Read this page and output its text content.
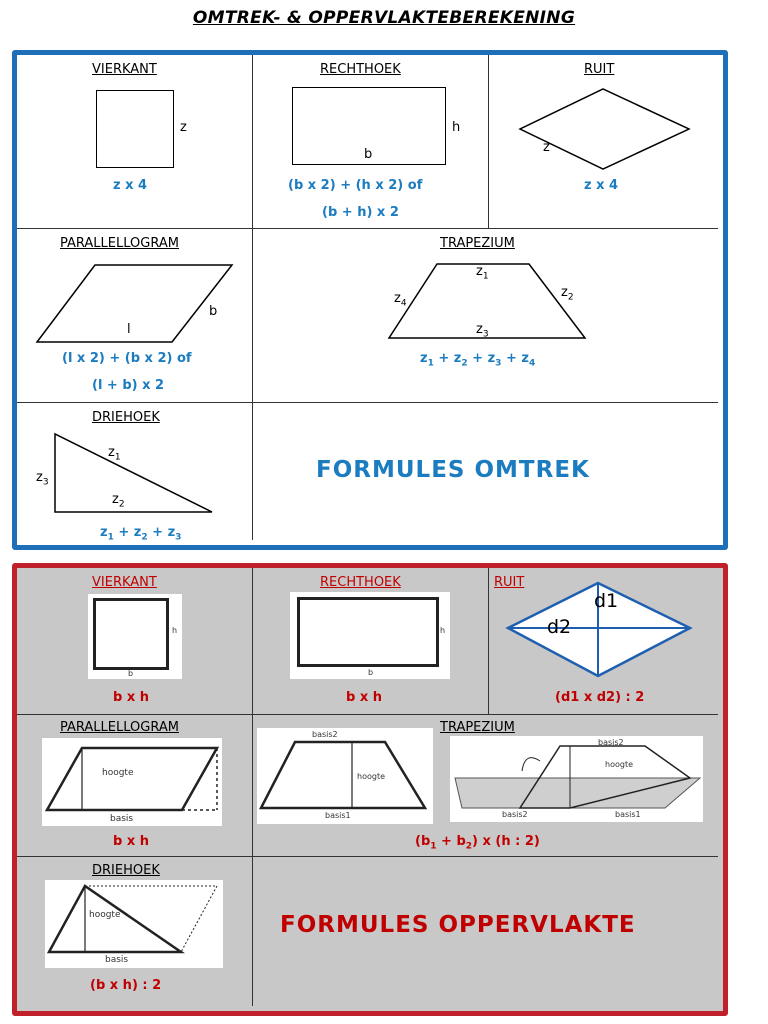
OMTREK- & OPPERVLAKTEBEREKENING
VIERKANT
z
z x 4
RECHTHOEK
h
b
(b x 2) + (h x 2) of
(b + h) x 2
RUIT
z
z x 4
PARALLELLOGRAM
b
l
(l x 2) + (b x 2) of
(l + b) x 2
TRAPEZIUM
$z_1$
$z_2$
$z_3$
$z_4$
$z_1 + z_2 + z_3 + z_4$
DRIEHOEK
$z_1$
$z_3$
$z_2$
$z_1 + z_2 + z_3$
FORMULES OMTREK
VIERKANT
h
b
b x h
RECHTHOEK
h
b
b x h
RUIT
d1
d2
(d1 x d2) : 2
PARALLELLOGRAM
hoogte
basis
b x h
TRAPEZIUM
basis2
hoogte
basis1
basis2
hoogte
basis2	basis1
$(b_1 + b_2)$ x (h : 2)
DRIEHOEK
hoogte
basis
(b x h) : 2
FORMULES OPPERVLAKTE
